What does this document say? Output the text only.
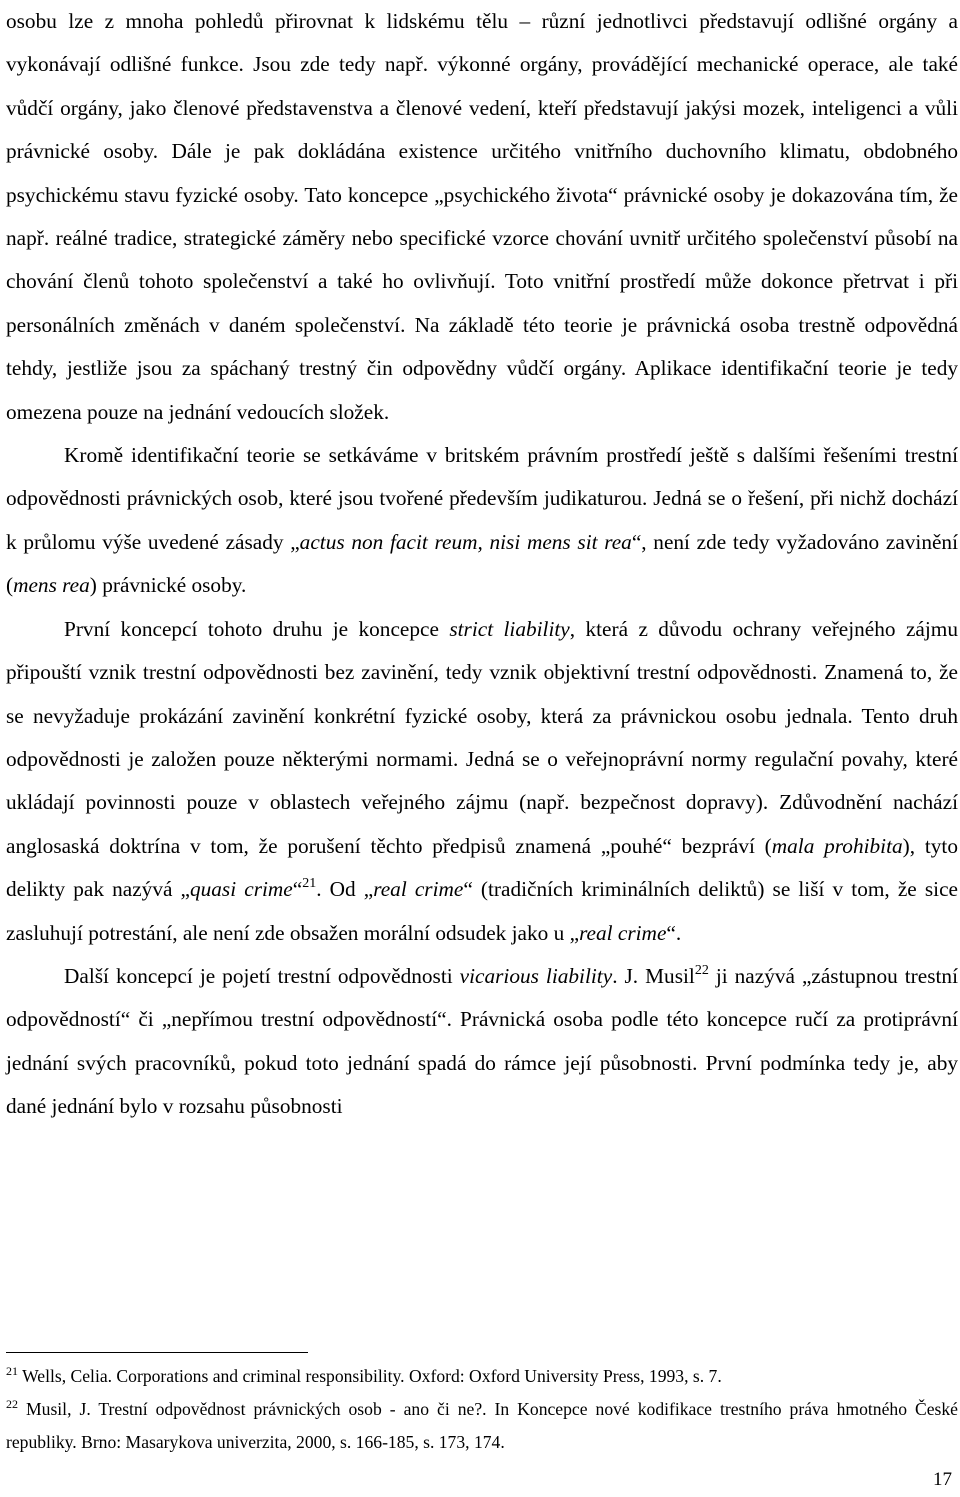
osobu lze z mnoha pohledů přirovnat k lidskému tělu – různí jednotlivci představují odlišné orgány a vykonávají odlišné funkce. Jsou zde tedy např. výkonné orgány, provádějící mechanické operace, ale také vůdčí orgány, jako členové představenstva a členové vedení, kteří představují jakýsi mozek, inteligenci a vůli právnické osoby. Dále je pak dokládána existence určitého vnitřního duchovního klimatu, obdobného psychickému stavu fyzické osoby. Tato koncepce „psychického života“ právnické osoby je dokazována tím, že např. reálné tradice, strategické záměry nebo specifické vzorce chování uvnitř určitého společenství působí na chování členů tohoto společenství a také ho ovlivňují. Toto vnitřní prostředí může dokonce přetrvat i při personálních změnách v daném společenství. Na základě této teorie je právnická osoba trestně odpovědná tehdy, jestliže jsou za spáchaný trestný čin odpovědny vůdčí orgány. Aplikace identifikační teorie je tedy omezena pouze na jednání vedoucích složek.

Kromě identifikační teorie se setkáváme v britském právním prostředí ještě s dalšími řešeními trestní odpovědnosti právnických osob, které jsou tvořené především judikaturou. Jedná se o řešení, při nichž dochází k průlomu výše uvedené zásady „actus non facit reum, nisi mens sit rea“, není zde tedy vyžadováno zavinění (mens rea) právnické osoby.

První koncepcí tohoto druhu je koncepce strict liability, která z důvodu ochrany veřejného zájmu připouští vznik trestní odpovědnosti bez zavinění, tedy vznik objektivní trestní odpovědnosti. Znamená to, že se nevyžaduje prokázání zavinění konkrétní fyzické osoby, která za právnickou osobu jednala. Tento druh odpovědnosti je založen pouze některými normami. Jedná se o veřejnoprávní normy regulační povahy, které ukládají povinnosti pouze v oblastech veřejného zájmu (např. bezpečnost dopravy). Zdůvodnění nachází anglosaská doktrína v tom, že porušení těchto předpisů znamená „pouhé“ bezpráví (mala prohibita), tyto delikty pak nazývá „quasi crime“$^{21}$. Od „real crime“ (tradičních kriminálních deliktů) se liší v tom, že sice zasluhují potrestání, ale není zde obsažen morální odsudek jako u „real crime“.

Další koncepcí je pojetí trestní odpovědnosti vicarious liability. J. Musil$^{22}$ ji nazývá „zástupnou trestní odpovědností“ či „nepřímou trestní odpovědností“. Právnická osoba podle této koncepce ručí za protiprávní jednání svých pracovníků, pokud toto jednání spadá do rámce její působnosti. První podmínka tedy je, aby dané jednání bylo v rozsahu působnosti

$^{21}$ Wells, Celia. Corporations and criminal responsibility. Oxford: Oxford University Press, 1993, s. 7.

$^{22}$ Musil, J. Trestní odpovědnost právnických osob - ano či ne?. In Koncepce nové kodifikace trestního práva hmotného České republiky. Brno: Masarykova univerzita, 2000, s. 166-185, s. 173, 174.

17
